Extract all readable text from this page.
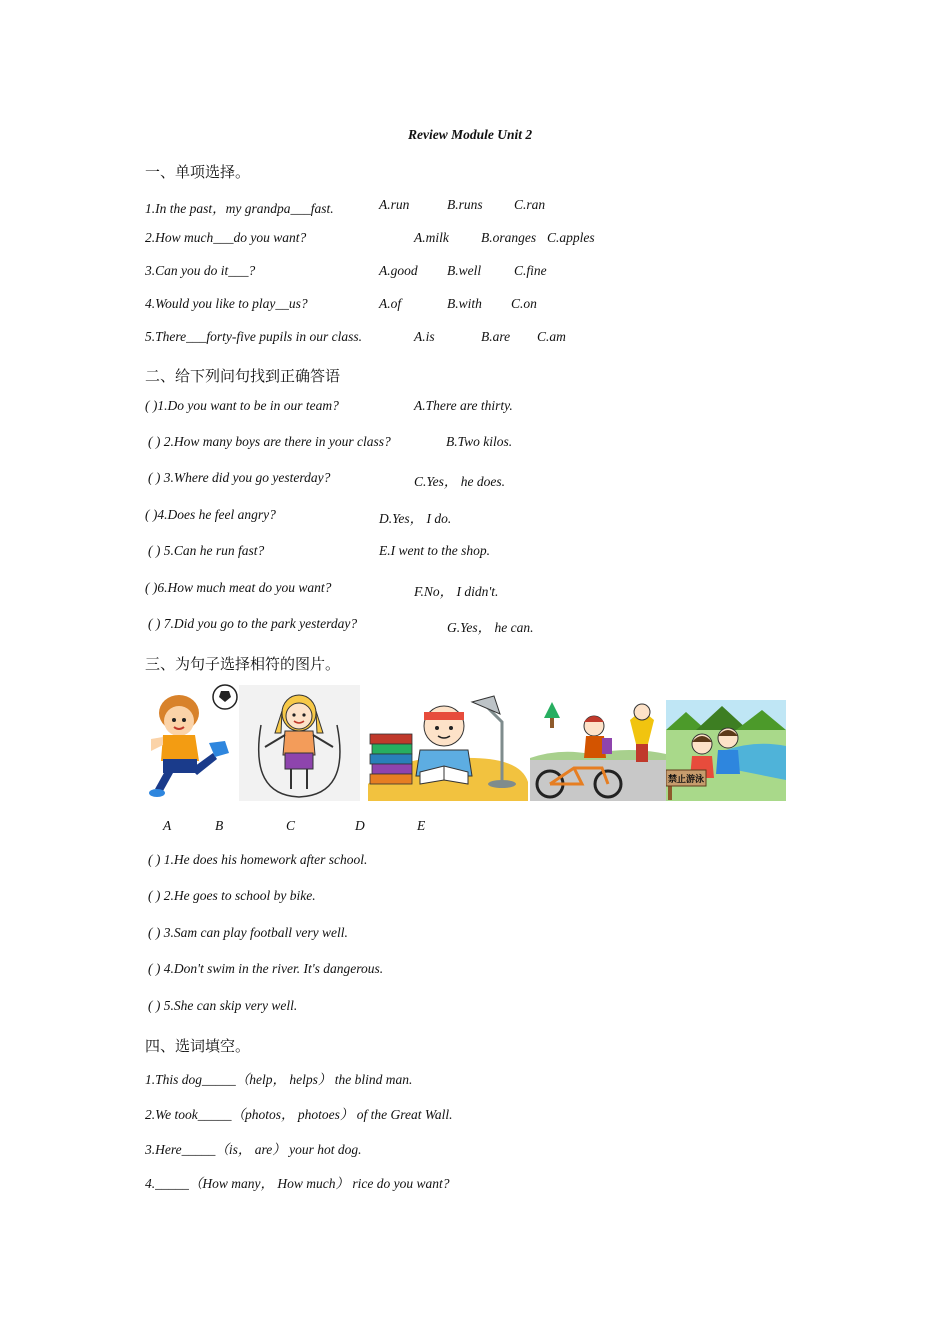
Review Module Unit 2
一、单项选择。
1.In the past，my grandpa___fast.	A.run	B.runs C.ran
2.How much___do you want?	A.milk B.oranges C.apples
3.Can you do it___?	A.good B.well C.fine
4.Would you like to play__us?	A.of	B.with C.on
5.There___forty-five pupils in our class.	A.is	B.are C.am
二、给下列问句找到正确答语
( )1.Do you want to be in our team?	A.There are thirty.
( ) 2.How many boys are there in your class?	B.Two kilos.
( ) 3.Where did you go yesterday?	C.Yes， he does.
( )4.Does he feel angry?	D.Yes， I do.
( ) 5.Can he run fast?	E.I went to the shop.
( )6.How much meat do you want?	F.No， I didn't.
( ) 7.Did you go to the park yesterday?	G.Yes， he can.
三、为句子选择相符的图片。
禁止游泳
A	B	C	D	E
( ) 1.He does his homework after school.
( ) 2.He goes to school by bike.
( ) 3.Sam can play football very well.
( ) 4.Don't swim in the river. It's dangerous.
( ) 5.She can skip very well.
四、选词填空。
1.This dog_____（help， helps） the blind man.
2.We took_____（photos， photoes） of the Great Wall.
3.Here_____（is， are） your hot dog.
4._____（How many， How much） rice do you want?
